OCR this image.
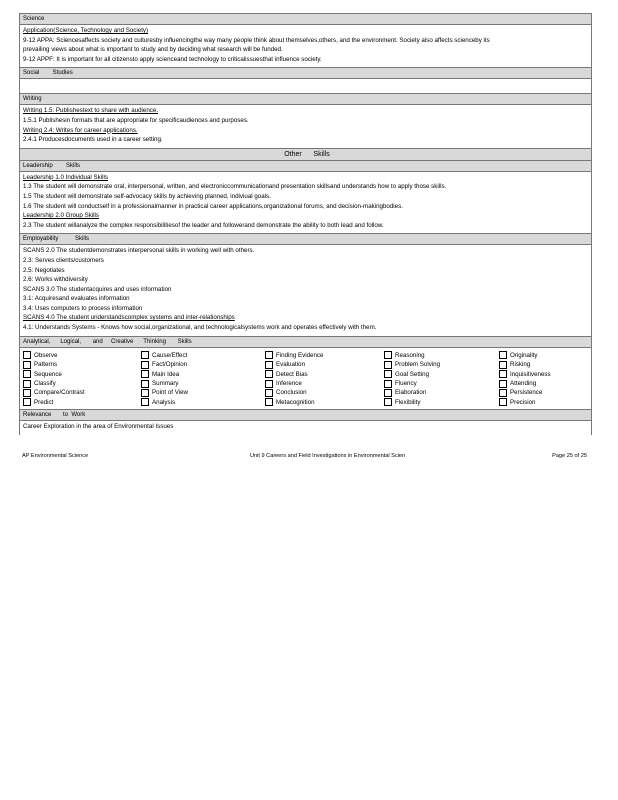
Science
Application(Science, Technology and Society)
9-12 APPA: Sciencesaffects society and culturesby influencingthe way many people think about themselves,others, and the environment. Society also affects scienceby its
prevailing views about what is important to study and by deciding what research will be funded.
9-12 APPF: It is important for all citizensto apply scienceand technology to criticalissuesthat influence society.
Social        Studies
Writing
Writing 1.5: Publishestext to share with audience.
1.5.1 Publishesin formats that are appropriate for specificaudiences and purposes.
Writing 2.4: Writes for career applications.
2.4.1 Producesdocuments used in a career setting.
Other      Skills
Leadership        Skills
Leadership 1.0 Individual Skills
1.3 The student will demonstrate oral, interpersonal, written, and electroniccommunicationand presentation skillsand understands how to apply those skills.
1.5 The student will demonstrate self-advocacy skills by achieving planned, indiviual goals.
1.6 The student will conductself in a professionalmanner in practical career applications,organizational forums, and decision-makingbodies.
Leadership 2.0 Group Skills
2.3 The student willanalyze the complex responsibilitiesof the leader and followerand demonstrate the ability to both lead and follow.
Employability          Skills
SCANS 2.0 The studentdemonstrates interpersonal skills in working well with others.
2.3: Serves clients/customers
2.5: Negotiates
2.6: Works withdiversity
SCANS 3.0 The studentacquires and uses information
3.1: Acquiresand evaluates information
3.4: Uses computers to process information
SCANS 4.0 The student understandscomplex systems and inter-relationships
4.1: Understands Systems - Knows how social,organizational, and technologicalsystems work and operates effectively with them.
Analytical,      Logical,       and     Creative      Thinking       Skills
Observe	Cause/Effect	Finding Evidence	Reasoning	Originality
Patterns	Fact/Opinion	Evaluation	Problem Solving	Risking
Sequence	Main Idea	Detect Bias	Goal Setting	Inquisitiveness
Classify	Summary	Inference	Fluency	Attending
Compare/Contrast	Point of View	Conclusion	Elaboration	Persistence
Predict	Analysis	Metacognition	Flexibility	Precision
Relevance       to  Work
Career Exploration in the area of Environmental Issues
AP Environmental Science	Unit 9 Careers and Field Investigations in Environmental Scien	Page 25 of 25
